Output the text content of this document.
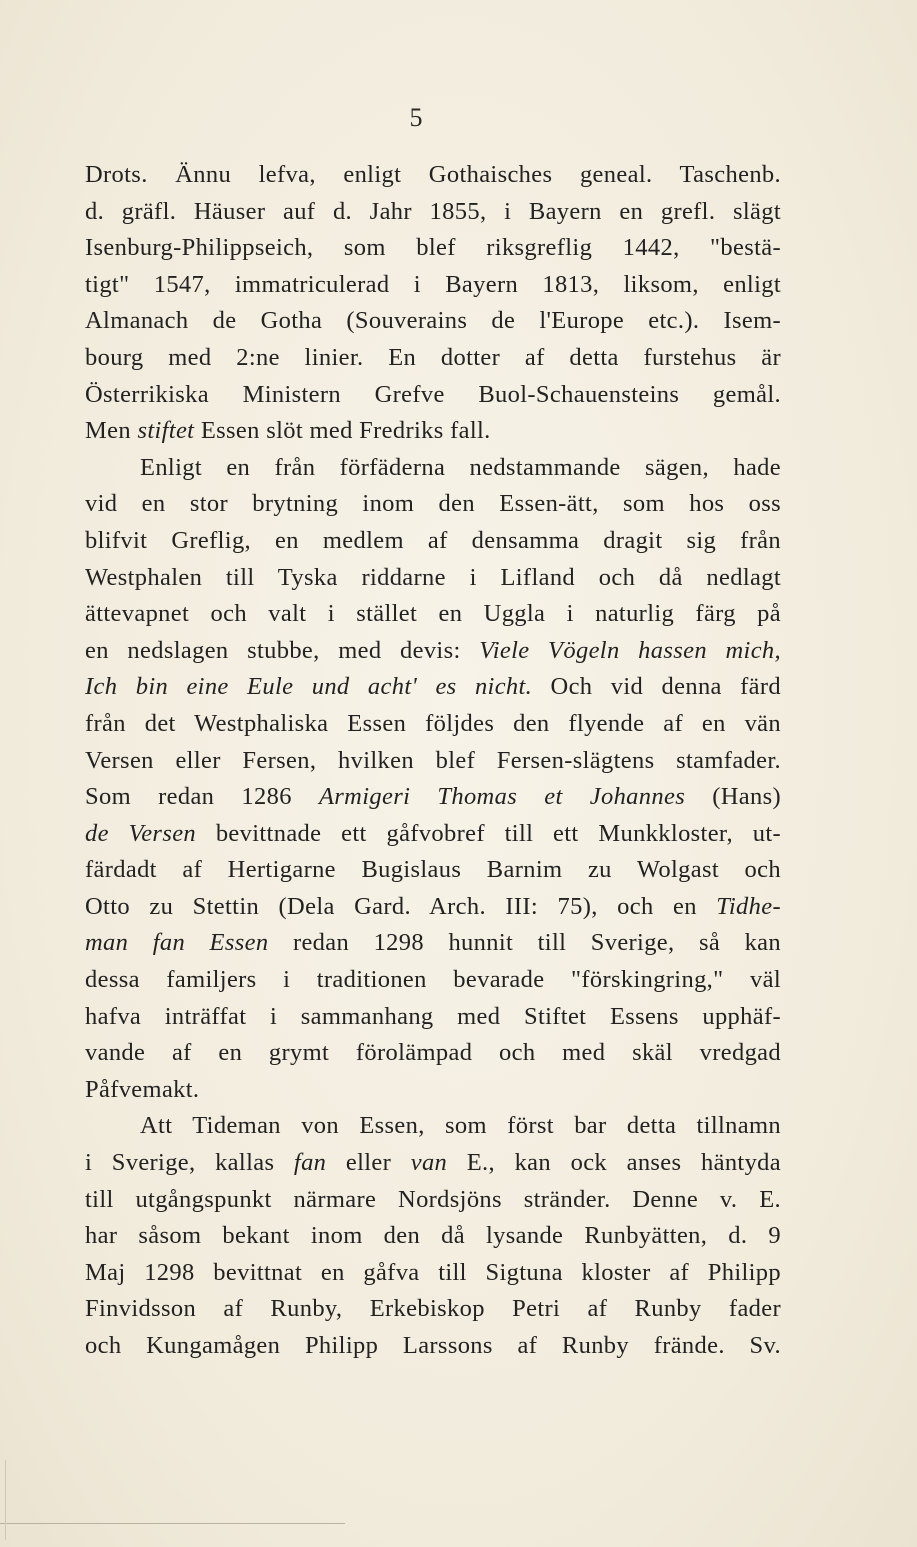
5
Drots. Ännu lefva, enligt Gothaisches geneal. Taschenb.
d. gräfl. Häuser auf d. Jahr 1855, i Bayern en grefl. slägt
Isenburg-Philippseich, som blef riksgreflig 1442, "bestä-
tigt" 1547, immatriculerad i Bayern 1813, liksom, enligt
Almanach de Gotha (Souverains de l'Europe etc.). Isem-
bourg med 2:ne linier. En dotter af detta furstehus är
Österrikiska Ministern Grefve Buol-Schauensteins gemål.
Men stiftet Essen slöt med Fredriks fall.
Enligt en från förfäderna nedstammande sägen, hade
vid en stor brytning inom den Essen-ätt, som hos oss
blifvit Greflig, en medlem af densamma dragit sig från
Westphalen till Tyska riddarne i Lifland och då nedlagt
ättevapnet och valt i stället en Uggla i naturlig färg på
en nedslagen stubbe, med devis: Viele Vögeln hassen mich,
Ich bin eine Eule und acht' es nicht. Och vid denna färd
från det Westphaliska Essen följdes den flyende af en vän
Versen eller Fersen, hvilken blef Fersen-slägtens stamfader.
Som redan 1286 Armigeri Thomas et Johannes (Hans)
de Versen bevittnade ett gåfvobref till ett Munkkloster, ut-
färdadt af Hertigarne Bugislaus Barnim zu Wolgast och
Otto zu Stettin (Dela Gard. Arch. III: 75), och en Tidhe-
man fan Essen redan 1298 hunnit till Sverige, så kan
dessa familjers i traditionen bevarade "förskingring," väl
hafva inträffat i sammanhang med Stiftet Essens upphäf-
vande af en grymt förolämpad och med skäl vredgad
Påfvemakt.
Att Tideman von Essen, som först bar detta tillnamn
i Sverige, kallas fan eller van E., kan ock anses häntyda
till utgångspunkt närmare Nordsjöns stränder. Denne v. E.
har såsom bekant inom den då lysande Runbyätten, d. 9
Maj 1298 bevittnat en gåfva till Sigtuna kloster af Philipp
Finvidsson af Runby, Erkebiskop Petri af Runby fader
och Kungamågen Philipp Larssons af Runby frände. Sv.
